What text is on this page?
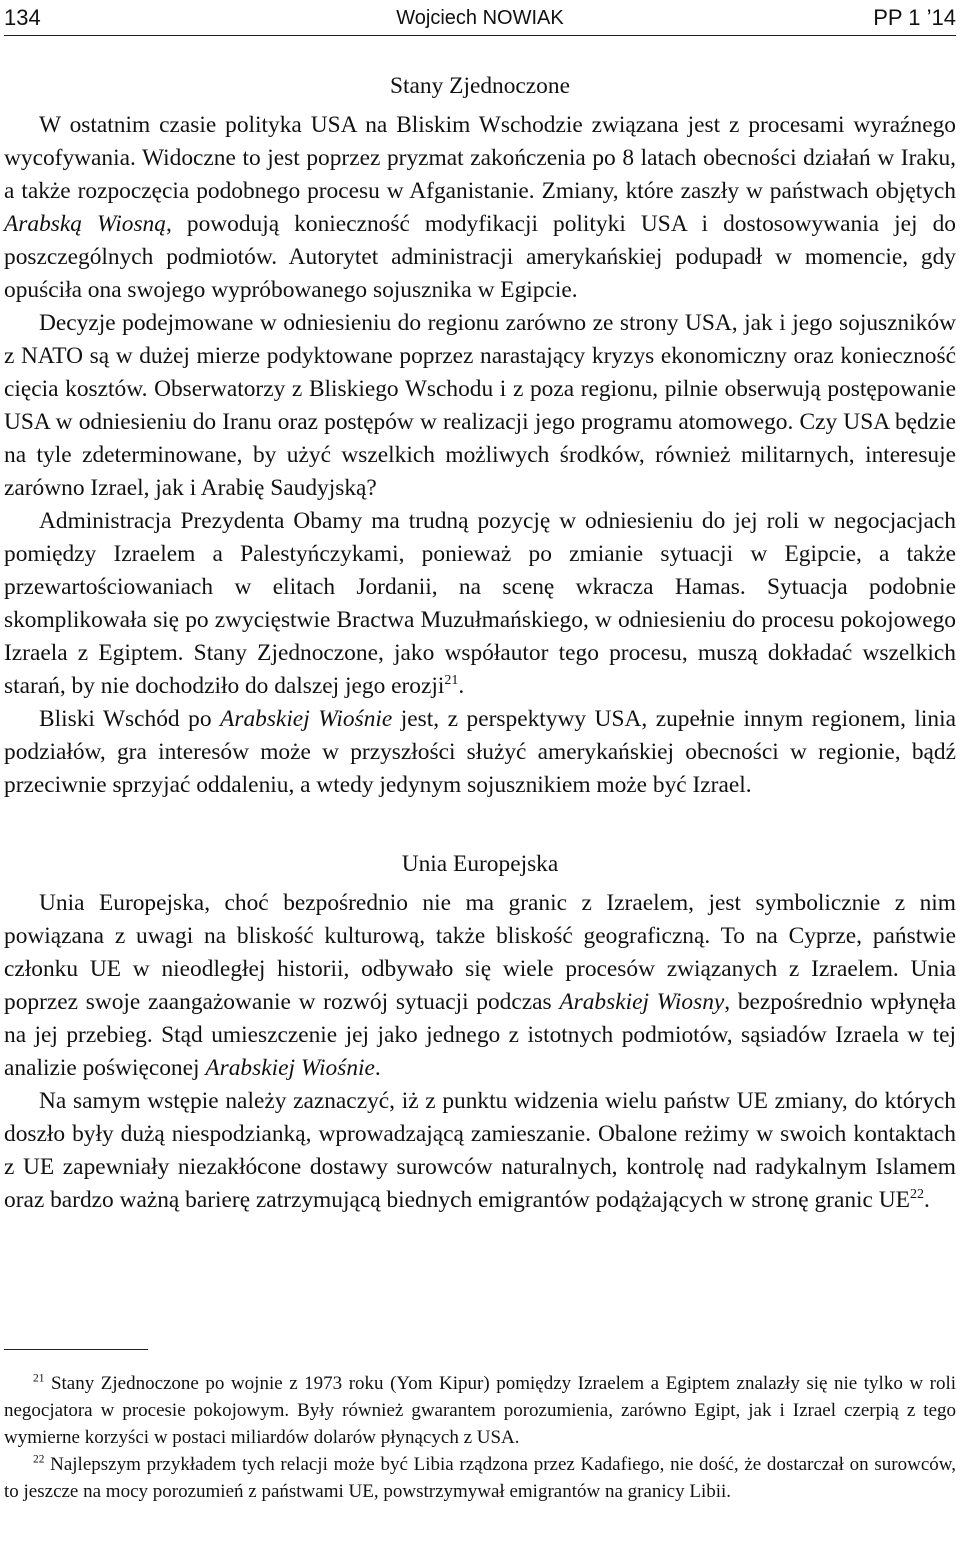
134	Wojciech NOWIAK	PP 1 ’14
Stany Zjednoczone

W ostatnim czasie polityka USA na Bliskim Wschodzie związana jest z procesami wyraźnego wycofywania. Widoczne to jest poprzez pryzmat zakończenia po 8 latach obecności działań w Iraku, a także rozpoczęcia podobnego procesu w Afganistanie. Zmiany, które zaszły w państwach objętych Arabską Wiosną, powodują konieczność modyfikacji polityki USA i dostosowywania jej do poszczególnych podmiotów. Autorytet administracji amerykańskiej podupadł w momencie, gdy opuściła ona swojego wypróbowanego sojusznika w Egipcie.

Decyzje podejmowane w odniesieniu do regionu zarówno ze strony USA, jak i jego sojuszników z NATO są w dużej mierze podyktowane poprzez narastający kryzys ekonomiczny oraz konieczność cięcia kosztów. Obserwatorzy z Bliskiego Wschodu i z poza regionu, pilnie obserwują postępowanie USA w odniesieniu do Iranu oraz postępów w realizacji jego programu atomowego. Czy USA będzie na tyle zdeterminowane, by użyć wszelkich możliwych środków, również militarnych, interesuje zarówno Izrael, jak i Arabię Saudyjską?

Administracja Prezydenta Obamy ma trudną pozycję w odniesieniu do jej roli w negocjacjach pomiędzy Izraelem a Palestyńczykami, ponieważ po zmianie sytuacji w Egipcie, a także przewartościowaniach w elitach Jordanii, na scenę wkracza Hamas. Sytuacja podobnie skomplikowała się po zwycięstwie Bractwa Muzułmańskiego, w odniesieniu do procesu pokojowego Izraela z Egiptem. Stany Zjednoczone, jako współautor tego procesu, muszą dokładać wszelkich starań, by nie dochodziło do dalszej jego erozji$^{21}$.

Bliski Wschód po Arabskiej Wiośnie jest, z perspektywy USA, zupełnie innym regionem, linia podziałów, gra interesów może w przyszłości służyć amerykańskiej obecności w regionie, bądź przeciwnie sprzyjać oddaleniu, a wtedy jedynym sojusznikiem może być Izrael.

Unia Europejska

Unia Europejska, choć bezpośrednio nie ma granic z Izraelem, jest symbolicznie z nim powiązana z uwagi na bliskość kulturową, także bliskość geograficzną. To na Cyprze, państwie członku UE w nieodległej historii, odbywało się wiele procesów związanych z Izraelem. Unia poprzez swoje zaangażowanie w rozwój sytuacji podczas Arabskiej Wiosny, bezpośrednio wpłynęła na jej przebieg. Stąd umieszczenie jej jako jednego z istotnych podmiotów, sąsiadów Izraela w tej analizie poświęconej Arabskiej Wiośnie.

Na samym wstępie należy zaznaczyć, iż z punktu widzenia wielu państw UE zmiany, do których doszło były dużą niespodzianką, wprowadzającą zamieszanie. Obalone reżimy w swoich kontaktach z UE zapewniały niezakłócone dostawy surowców naturalnych, kontrolę nad radykalnym Islamem oraz bardzo ważną barierę zatrzymującą biednych emigrantów podążających w stronę granic UE$^{22}$.

$^{21}$ Stany Zjednoczone po wojnie z 1973 roku (Yom Kipur) pomiędzy Izraelem a Egiptem znalazły się nie tylko w roli negocjatora w procesie pokojowym. Były również gwarantem porozumienia, zarówno Egipt, jak i Izrael czerpią z tego wymierne korzyści w postaci miliardów dolarów płynących z USA.

$^{22}$ Najlepszym przykładem tych relacji może być Libia rządzona przez Kadafiego, nie dość, że dostarczał on surowców, to jeszcze na mocy porozumień z państwami UE, powstrzymywał emigrantów na granicy Libii.
